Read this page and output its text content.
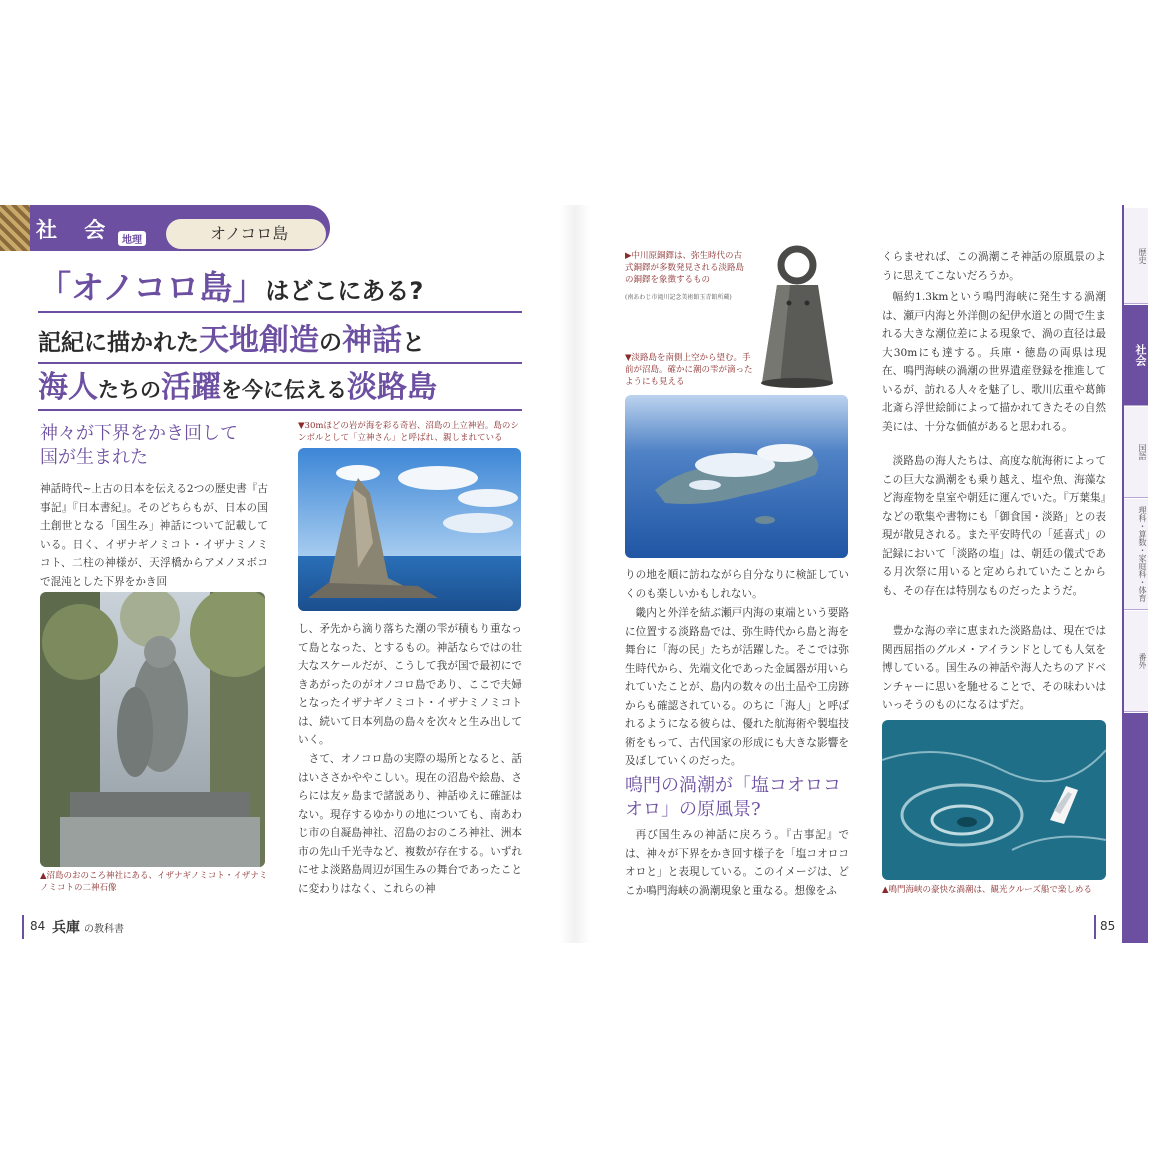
社 会 地理	オノコロ島
「オノコロ島」はどこにある?
記紀に描かれた天地創造の神話と
海人たちの活躍を今に伝える淡路島
神々が下界をかき回して国が生まれた
神話時代~上古の日本を伝える2つの歴史書『古事記』『日本書紀』。そのどちらもが、日本の国土創世となる「国生み」神話について記載している。日く、イザナギノミコト・イザナミノミコト、二柱の神様が、天浮橋からアメノヌボコで混沌とした下界をかき回
▲沼島のおのころ神社にある、イザナギノミコト・イザナミノミコトの二神石像
▼30mほどの岩が海を彩る奇岩、沼島の上立神岩。島のシンボルとして「立神さん」と呼ばれ、親しまれている
し、矛先から滴り落ちた潮の雫が積もり重なって島となった、とするもの。神話ならではの壮大なスケールだが、こうして我が国で最初にできあがったのがオノコロ島であり、ここで夫婦となったイザナギノミコト・イザナミノミコトは、続いて日本列島の島々を次々と生み出していく。
さて、オノコロ島の実際の場所となると、話はいささかややこしい。現在の沼島や絵島、さらには友ヶ島まで諸説あり、神話ゆえに確証はない。現存するゆかりの地についても、南あわじ市の自凝島神社、沼島のおのころ神社、洲本市の先山千光寺など、複数が存在する。いずれにせよ淡路島周辺が国生みの舞台であったことに変わりはなく、これらの神
84 兵庫 の教科書
▶中川原銅鐸は、弥生時代の古式銅鐸が多数発見される淡路島の銅鐸を象徴するもの
(南あわじ市滝川記念美術館玉青館所蔵)
▼淡路島を南側上空から望む。手前が沼島。確かに潮の雫が滴ったようにも見える
りの地を順に訪ねながら自分なりに検証していくのも楽しいかもしれない。
畿内と外洋を結ぶ瀬戸内海の東端という要路に位置する淡路島では、弥生時代から島と海を舞台に「海の民」たちが活躍した。そこでは弥生時代から、先端文化であった金属器が用いられていたことが、島内の数々の出土品や工房跡からも確認されている。のちに「海人」と呼ばれるようになる彼らは、優れた航海術や製塩技術をもって、古代国家の形成にも大きな影響を及ぼしていくのだった。
鳴門の渦潮が「塩コオロコオロ」の原風景?
再び国生みの神話に戻ろう。『古事記』では、神々が下界をかき回す様子を「塩コオロコオロと」と表現している。このイメージは、どこか鳴門海峡の渦潮現象と重なる。想像をふ
くらませれば、この渦潮こそ神話の原風景のように思えてこないだろうか。
幅約1.3kmという鳴門海峡に発生する渦潮は、瀬戸内海と外洋側の紀伊水道との間で生まれる大きな潮位差による現象で、渦の直径は最大30mにも達する。兵庫・徳島の両県は現在、鳴門海峡の渦潮の世界遺産登録を推進しているが、訪れる人々を魅了し、歌川広重や葛飾北斎ら浮世絵師によって描かれてきたその自然美には、十分な価値があると思われる。
淡路島の海人たちは、高度な航海術によってこの巨大な渦潮をも乗り越え、塩や魚、海藻など海産物を皇室や朝廷に運んでいた。『万葉集』などの歌集や書物にも「御食国・淡路」との表現が散見される。また平安時代の「延喜式」の記録において「淡路の塩」は、朝廷の儀式である月次祭に用いると定められていたことからも、その存在は特別なものだったようだ。
豊かな海の幸に恵まれた淡路島は、現在では関西屈指のグルメ・アイランドとしても人気を博している。国生みの神話や海人たちのアドベンチャーに思いを馳せることで、その味わいはいっそうのものになるはずだ。
▲鳴門海峡の豪快な渦潮は、観光クルーズ船で楽しめる
85
歴史
社会
国語
理科・算数・家庭科・体育
番外
